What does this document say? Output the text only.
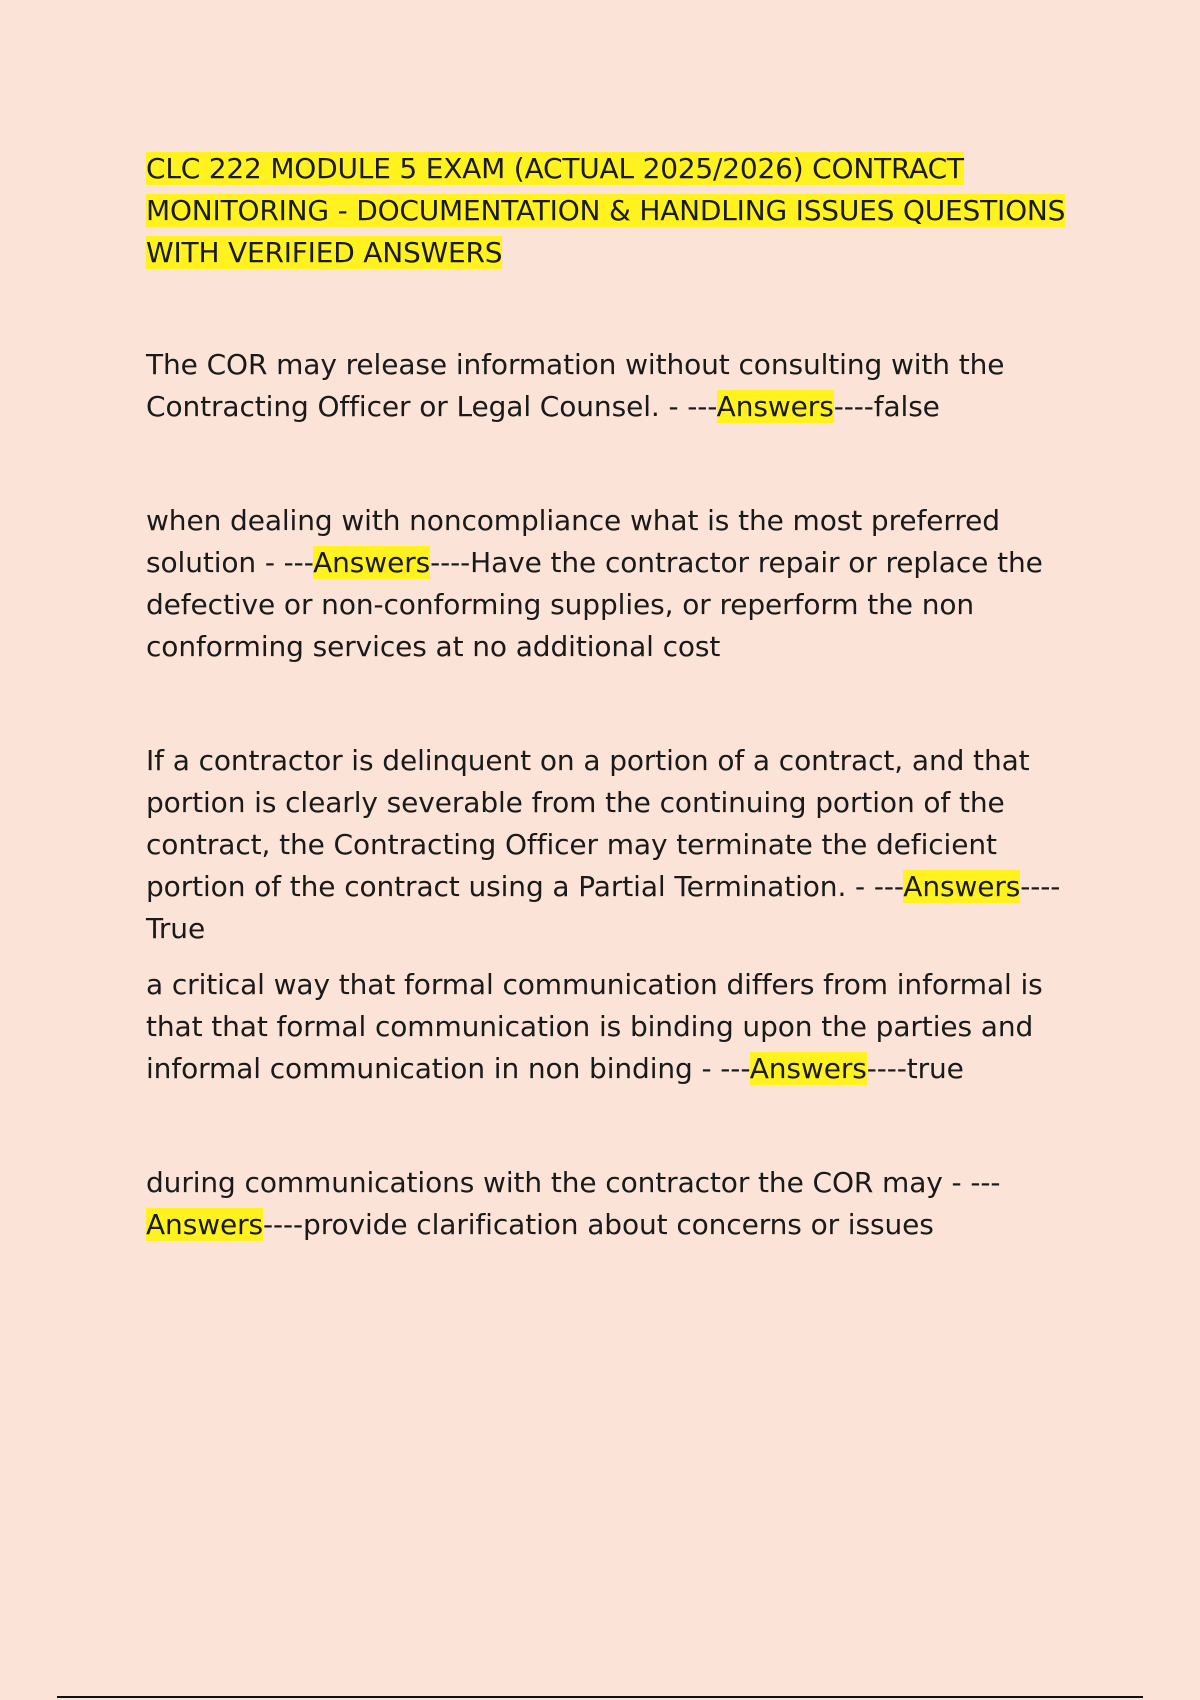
CLC 222 MODULE 5 EXAM (ACTUAL 2025/2026) CONTRACT MONITORING - DOCUMENTATION & HANDLING ISSUES QUESTIONS WITH VERIFIED ANSWERS

The COR may release information without consulting with the Contracting Officer or Legal Counsel. - ---Answers----false

when dealing with noncompliance what is the most preferred solution - ---Answers----Have the contractor repair or replace the defective or non-conforming supplies, or reperform the non conforming services at no additional cost

If a contractor is delinquent on a portion of a contract, and that portion is clearly severable from the continuing portion of the contract, the Contracting Officer may terminate the deficient portion of the contract using a Partial Termination. - ---Answers----True

a critical way that formal communication differs from informal is that that formal communication is binding upon the parties and informal communication in non binding - ---Answers----true

during communications with the contractor the COR may - ---Answers----provide clarification about concerns or issues
